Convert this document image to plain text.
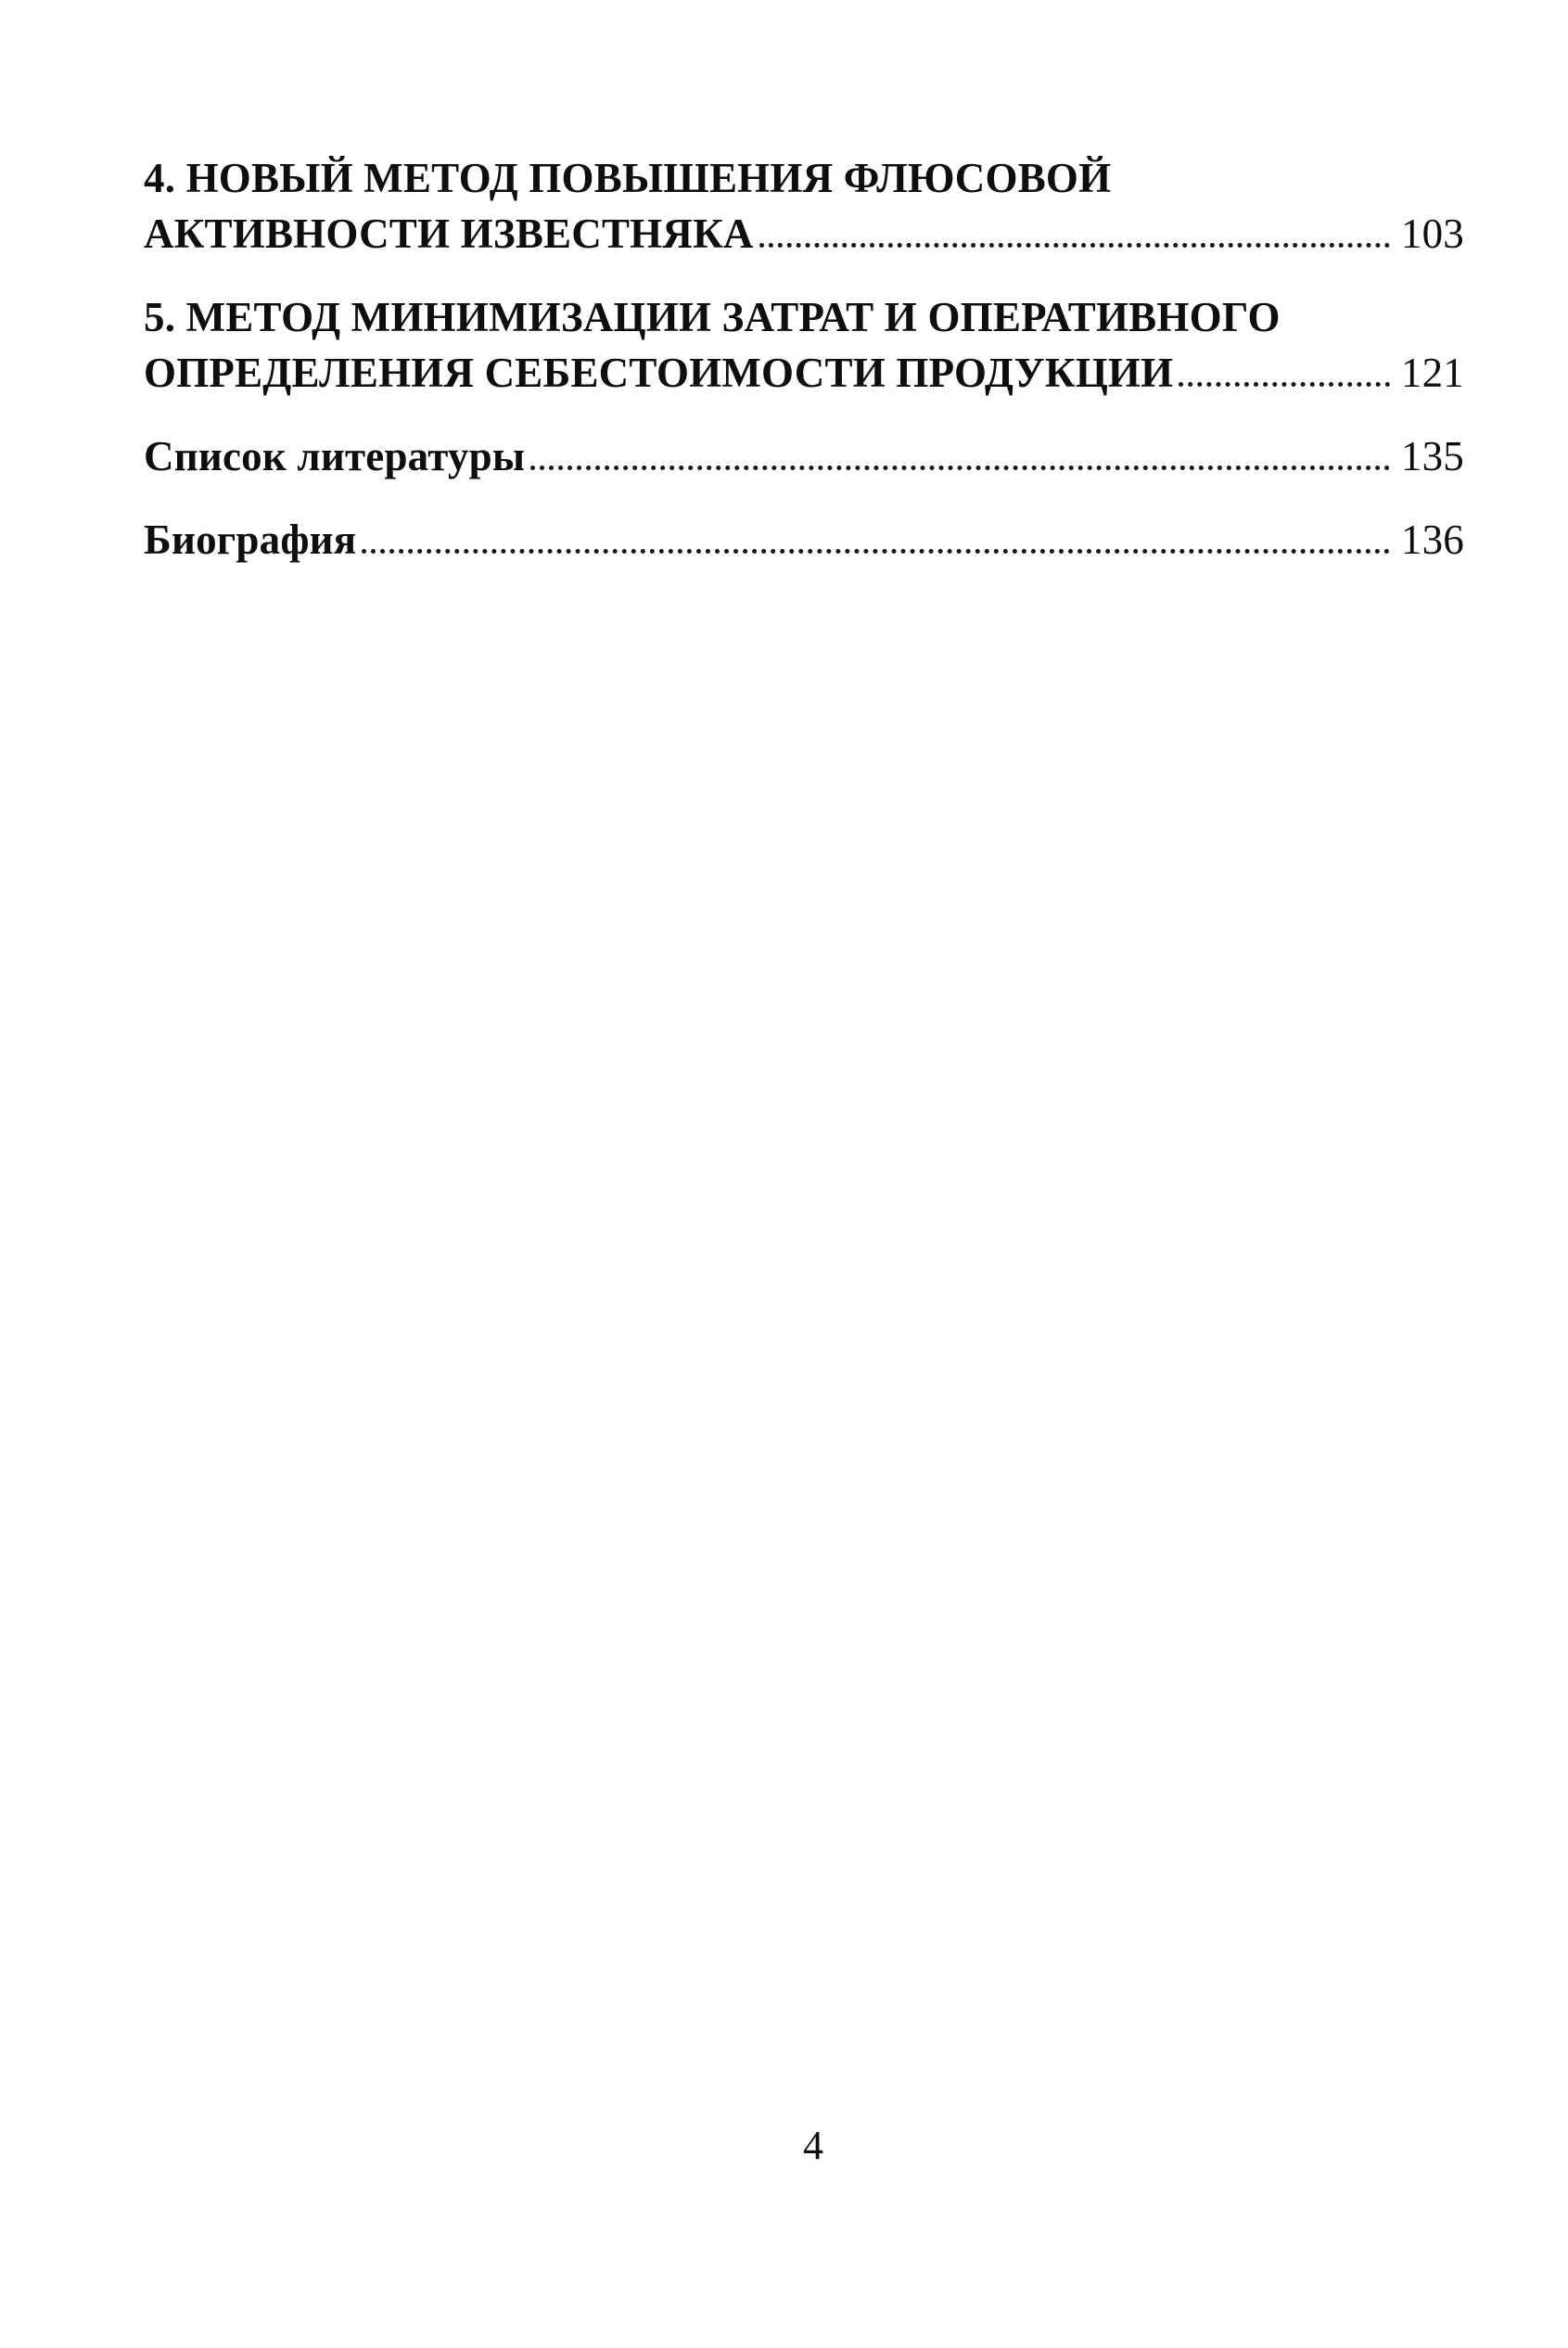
4. НОВЫЙ МЕТОД ПОВЫШЕНИЯ ФЛЮСОВОЙ
АКТИВНОСТИ ИЗВЕСТНЯКА	103
5. МЕТОД МИНИМИЗАЦИИ ЗАТРАТ И ОПЕРАТИВНОГО
ОПРЕДЕЛЕНИЯ СЕБЕСТОИМОСТИ ПРОДУКЦИИ	121
Список литературы	135
Биография	136
4
